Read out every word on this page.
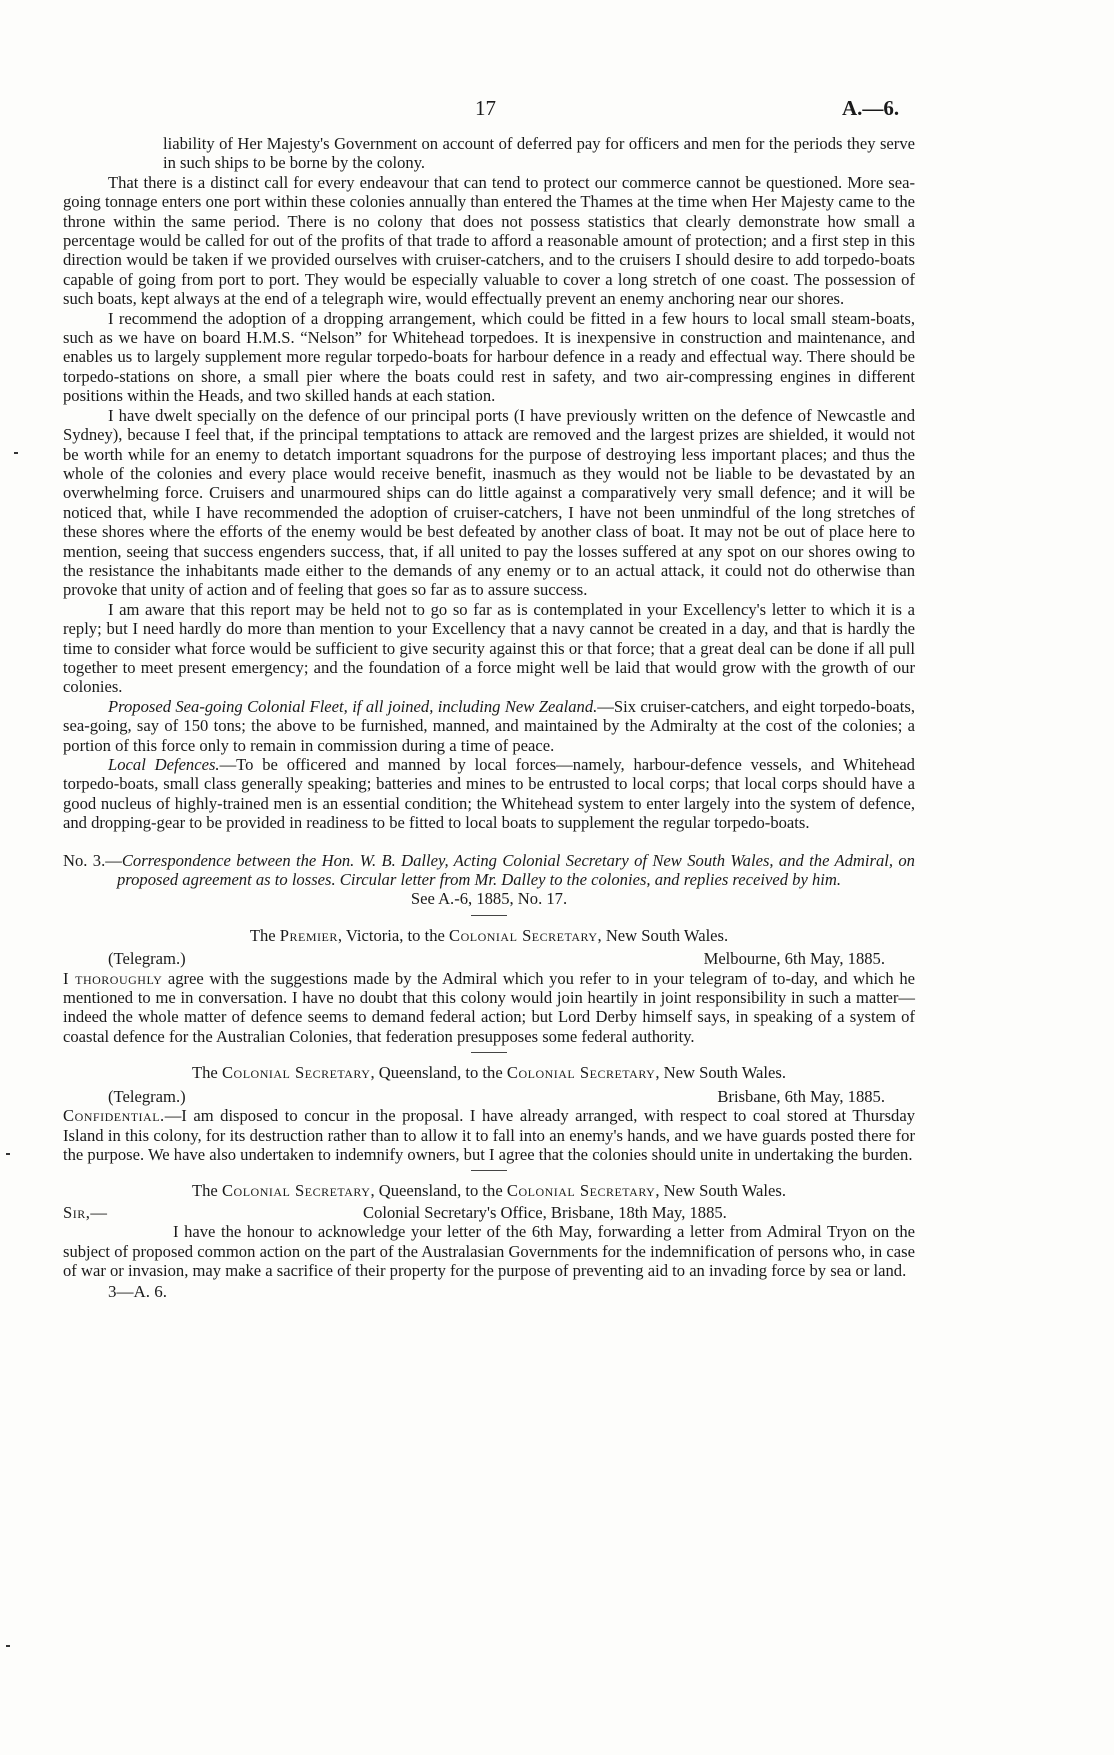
17	A.—6.

liability of Her Majesty's Government on account of deferred pay for officers and men for the periods they serve in such ships to be borne by the colony.

That there is a distinct call for every endeavour that can tend to protect our commerce cannot be questioned. More sea-going tonnage enters one port within these colonies annually than entered the Thames at the time when Her Majesty came to the throne within the same period. There is no colony that does not possess statistics that clearly demonstrate how small a percentage would be called for out of the profits of that trade to afford a reasonable amount of protection; and a first step in this direction would be taken if we provided ourselves with cruiser-catchers, and to the cruisers I should desire to add torpedo-boats capable of going from port to port. They would be especially valuable to cover a long stretch of one coast. The possession of such boats, kept always at the end of a telegraph wire, would effectually prevent an enemy anchoring near our shores.

I recommend the adoption of a dropping arrangement, which could be fitted in a few hours to local small steam-boats, such as we have on board H.M.S. “Nelson” for Whitehead torpedoes. It is inexpensive in construction and maintenance, and enables us to largely supplement more regular torpedo-boats for harbour defence in a ready and effectual way. There should be torpedo-stations on shore, a small pier where the boats could rest in safety, and two air-compressing engines in different positions within the Heads, and two skilled hands at each station.

I have dwelt specially on the defence of our principal ports (I have previously written on the defence of Newcastle and Sydney), because I feel that, if the principal temptations to attack are removed and the largest prizes are shielded, it would not be worth while for an enemy to detatch important squadrons for the purpose of destroying less important places; and thus the whole of the colonies and every place would receive benefit, inasmuch as they would not be liable to be devastated by an overwhelming force. Cruisers and unarmoured ships can do little against a comparatively very small defence; and it will be noticed that, while I have recommended the adoption of cruiser-catchers, I have not been unmindful of the long stretches of these shores where the efforts of the enemy would be best defeated by another class of boat. It may not be out of place here to mention, seeing that success engenders success, that, if all united to pay the losses suffered at any spot on our shores owing to the resistance the inhabitants made either to the demands of any enemy or to an actual attack, it could not do otherwise than provoke that unity of action and of feeling that goes so far as to assure success.

I am aware that this report may be held not to go so far as is contemplated in your Excellency's letter to which it is a reply; but I need hardly do more than mention to your Excellency that a navy cannot be created in a day, and that is hardly the time to consider what force would be sufficient to give security against this or that force; that a great deal can be done if all pull together to meet present emergency; and the foundation of a force might well be laid that would grow with the growth of our colonies.

Proposed Sea-going Colonial Fleet, if all joined, including New Zealand.—Six cruiser-catchers, and eight torpedo-boats, sea-going, say of 150 tons; the above to be furnished, manned, and maintained by the Admiralty at the cost of the colonies; a portion of this force only to remain in commission during a time of peace.

Local Defences.—To be officered and manned by local forces—namely, harbour-defence vessels, and Whitehead torpedo-boats, small class generally speaking; batteries and mines to be entrusted to local corps; that local corps should have a good nucleus of highly-trained men is an essential condition; the Whitehead system to enter largely into the system of defence, and dropping-gear to be provided in readiness to be fitted to local boats to supplement the regular torpedo-boats.

No. 3.—Correspondence between the Hon. W. B. Dalley, Acting Colonial Secretary of New South Wales, and the Admiral, on proposed agreement as to losses. Circular letter from Mr. Dalley to the colonies, and replies received by him.

See A.-6, 1885, No. 17.

The Premier, Victoria, to the Colonial Secretary, New South Wales.

(Telegram.)	Melbourne, 6th May, 1885.

I thoroughly agree with the suggestions made by the Admiral which you refer to in your telegram of to-day, and which he mentioned to me in conversation. I have no doubt that this colony would join heartily in joint responsibility in such a matter—indeed the whole matter of defence seems to demand federal action; but Lord Derby himself says, in speaking of a system of coastal defence for the Australian Colonies, that federation presupposes some federal authority.

The Colonial Secretary, Queensland, to the Colonial Secretary, New South Wales.

(Telegram.)	Brisbane, 6th May, 1885.

Confidential.—I am disposed to concur in the proposal. I have already arranged, with respect to coal stored at Thursday Island in this colony, for its destruction rather than to allow it to fall into an enemy's hands, and we have guards posted there for the purpose. We have also undertaken to indemnify owners, but I agree that the colonies should unite in undertaking the burden.

The Colonial Secretary, Queensland, to the Colonial Secretary, New South Wales.

Sir,—	Colonial Secretary's Office, Brisbane, 18th May, 1885.

I have the honour to acknowledge your letter of the 6th May, forwarding a letter from Admiral Tryon on the subject of proposed common action on the part of the Australasian Governments for the indemnification of persons who, in case of war or invasion, may make a sacrifice of their property for the purpose of preventing aid to an invading force by sea or land.

3—A. 6.
